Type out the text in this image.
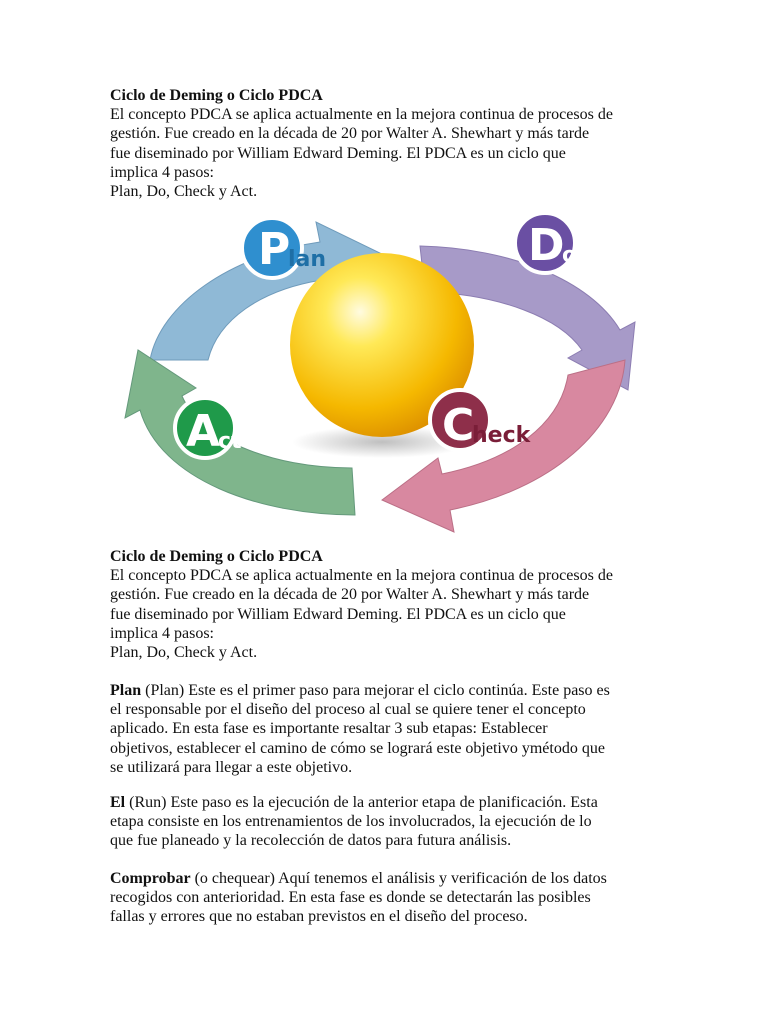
Ciclo de Deming o Ciclo PDCA

El concepto PDCA se aplica actualmente en la mejora continua de procesos de

gestión. Fue creado en la década de 20 por Walter A. Shewhart y más tarde

fue diseminado por William Edward Deming. El PDCA es un ciclo que

implica 4 pasos:

Plan, Do, Check y Act.

P
lan	D
o
C
heck
A
ct

Ciclo de Deming o Ciclo PDCA

El concepto PDCA se aplica actualmente en la mejora continua de procesos de

gestión. Fue creado en la década de 20 por Walter A. Shewhart y más tarde

fue diseminado por William Edward Deming. El PDCA es un ciclo que

implica 4 pasos:

Plan, Do, Check y Act.

Plan (Plan) Este es el primer paso para mejorar el ciclo continúa. Este paso es

el responsable por el diseño del proceso al cual se quiere tener el concepto

aplicado. En esta fase es importante resaltar 3 sub etapas: Establecer

objetivos, establecer el camino de cómo se logrará este objetivo ymétodo que

se utilizará para llegar a este objetivo.

El (Run) Este paso es la ejecución de la anterior etapa de planificación. Esta

etapa consiste en los entrenamientos de los involucrados, la ejecución de lo

que fue planeado y la recolección de datos para futura análisis.

Comprobar (o chequear) Aquí tenemos el análisis y verificación de los datos

recogidos con anterioridad. En esta fase es donde se detectarán las posibles

fallas y errores que no estaban previstos en el diseño del proceso.
